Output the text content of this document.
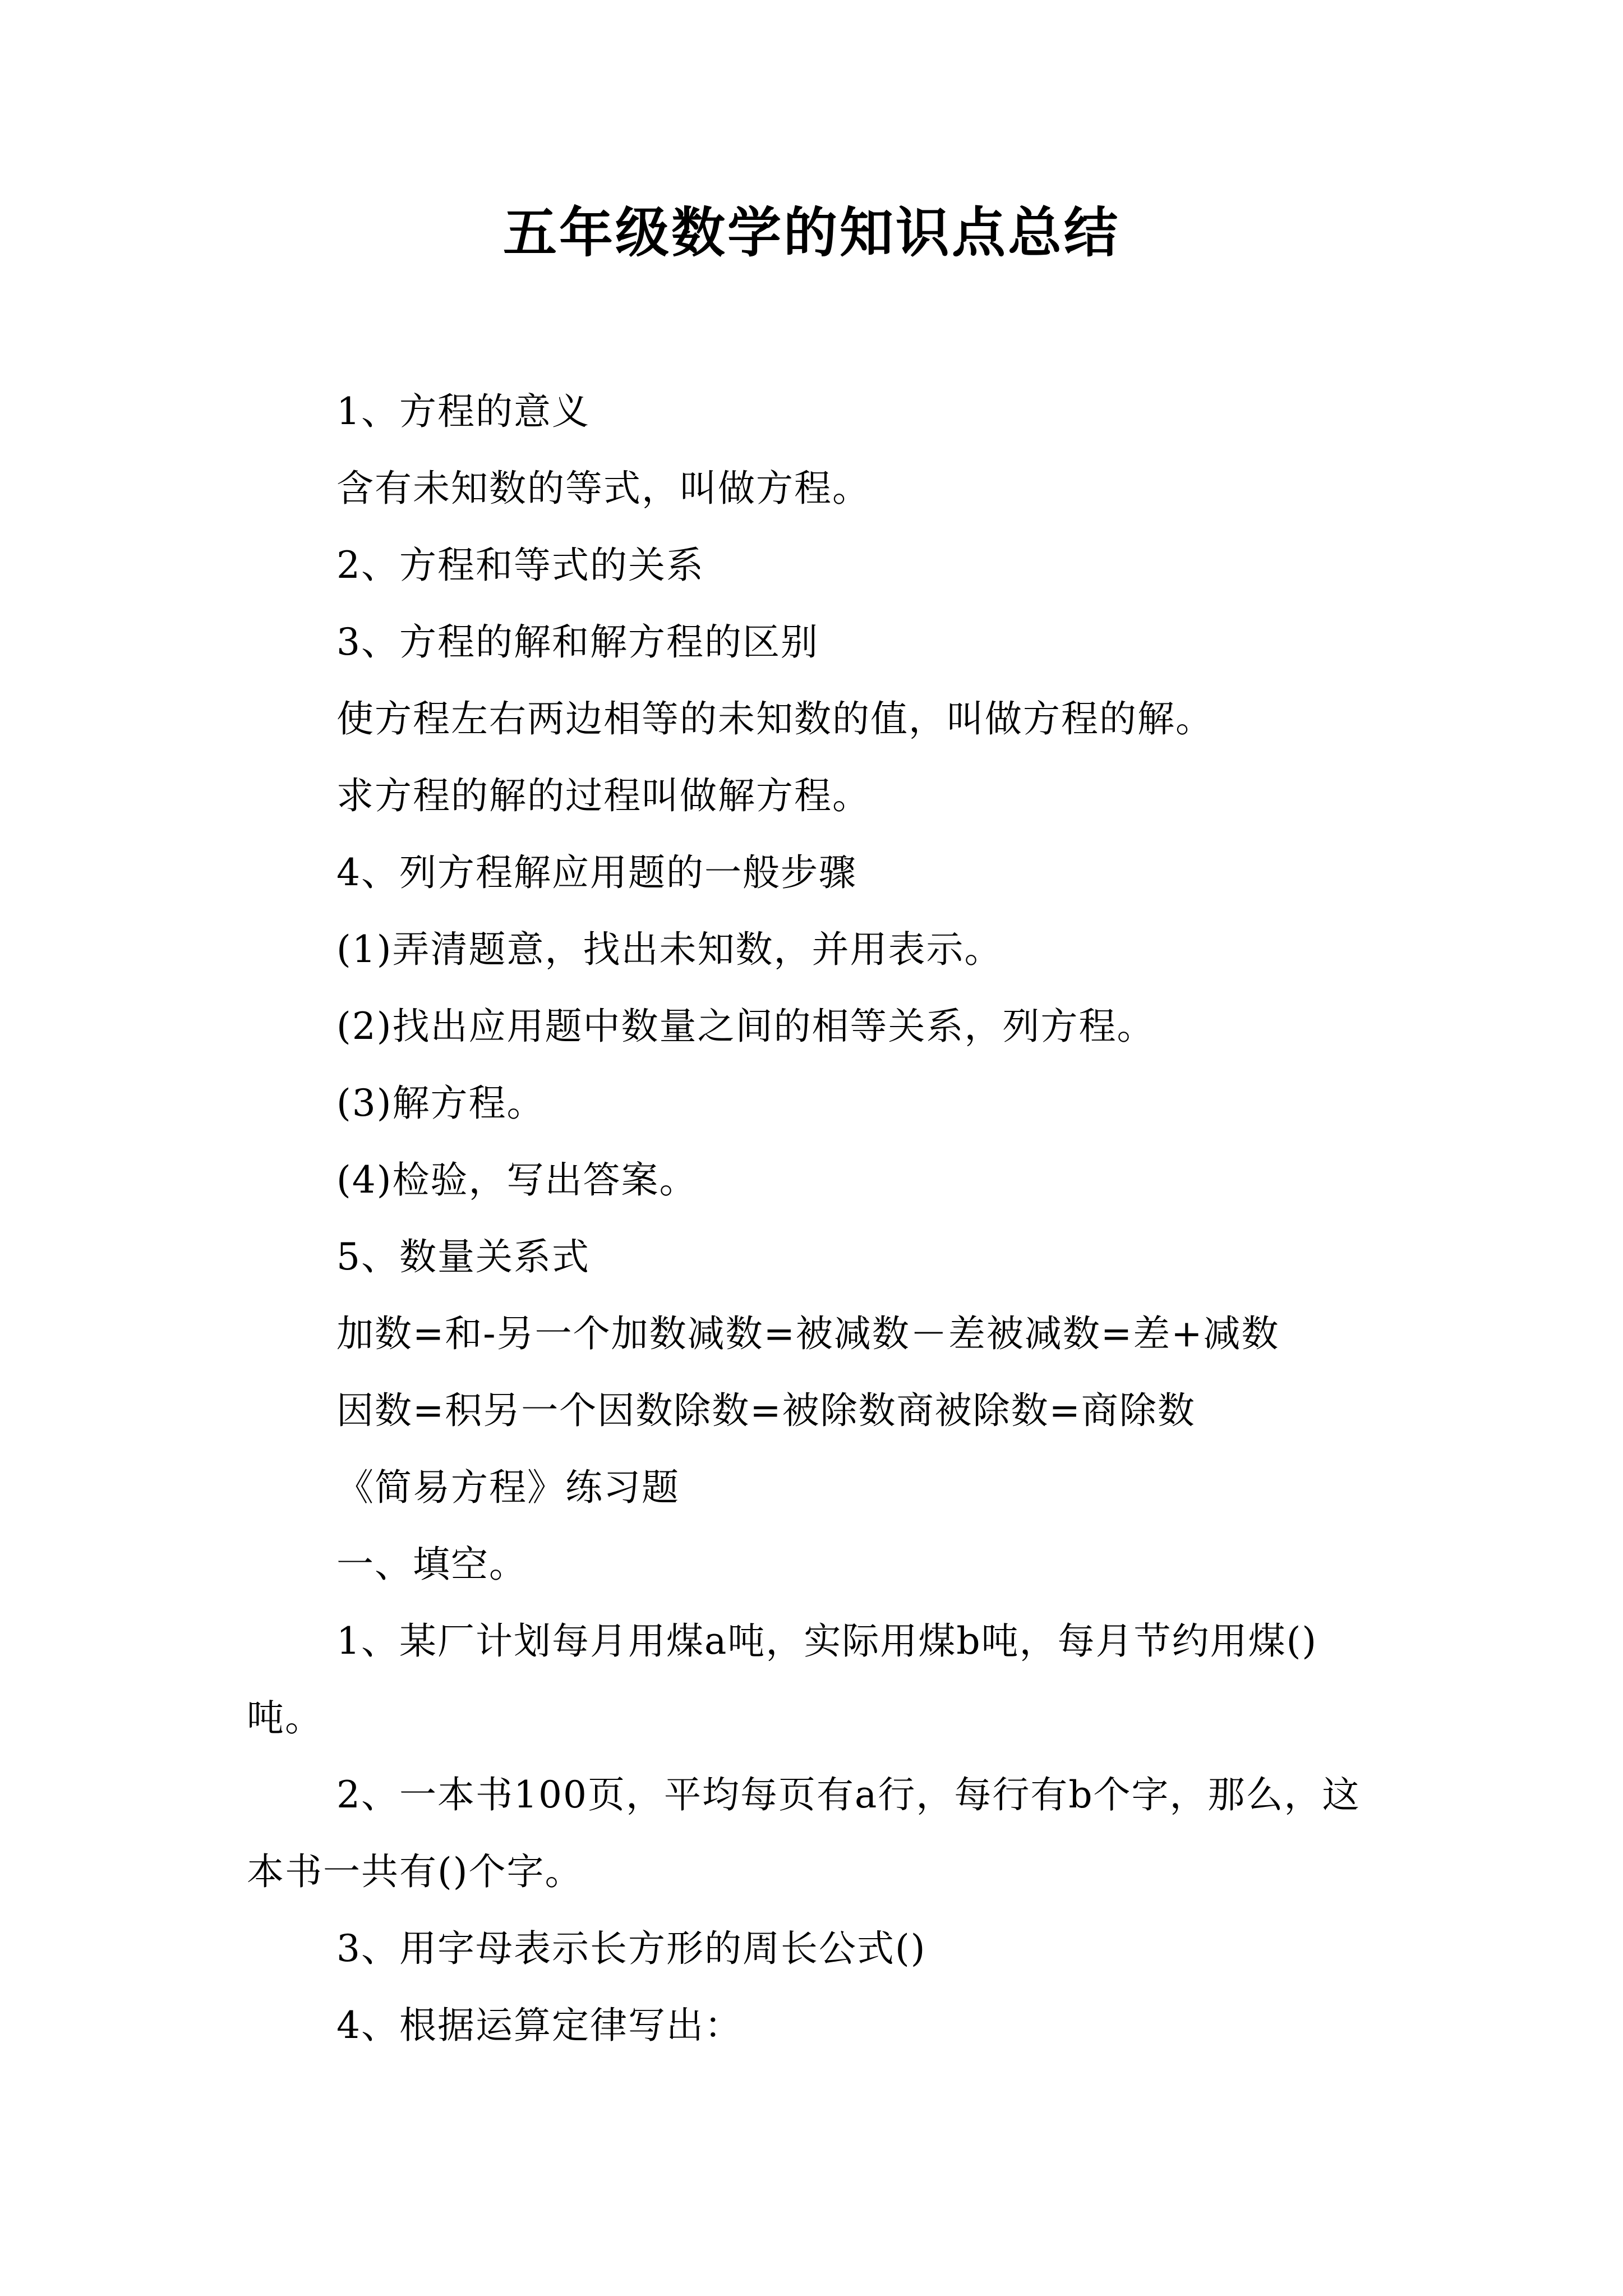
五年级数学的知识点总结

1、方程的意义

含有未知数的等式，叫做方程。

2、方程和等式的关系

3、方程的解和解方程的区别

使方程左右两边相等的未知数的值，叫做方程的解。

求方程的解的过程叫做解方程。

4、列方程解应用题的一般步骤

(1)弄清题意，找出未知数，并用表示。

(2)找出应用题中数量之间的相等关系，列方程。

(3)解方程。

(4)检验，写出答案。

5、数量关系式

加数=和-另一个加数减数=被减数－差被减数=差+减数

因数=积另一个因数除数=被除数商被除数=商除数

《简易方程》练习题

一、填空。

1、某厂计划每月用煤a吨，实际用煤b吨，每月节约用煤()吨。

2、一本书100页，平均每页有a行，每行有b个字，那么，这本书一共有()个字。

3、用字母表示长方形的周长公式()

4、根据运算定律写出：
